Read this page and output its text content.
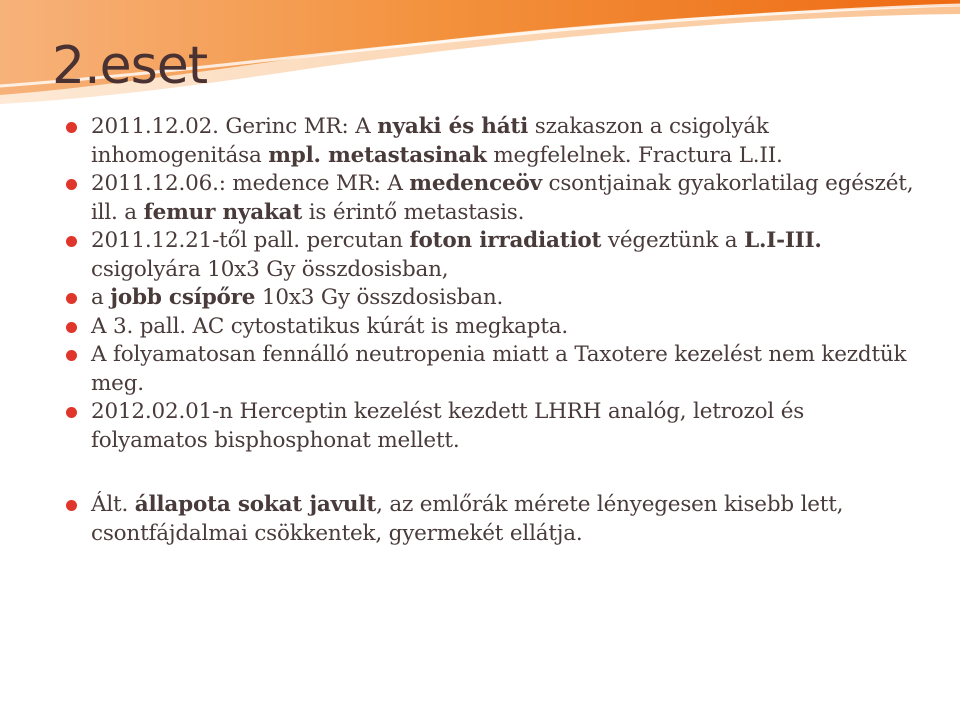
2.eset
2011.12.02. Gerinc MR: A nyaki és háti szakaszon a csigolyák inhomogenitása mpl. metastasinak megfelelnek. Fractura L.II.
2011.12.06.: medence MR: A medenceöv csontjainak gyakorlatilag egészét, ill. a femur nyakat is érintő metastasis.
2011.12.21-től pall. percutan foton irradiatiot végeztünk a L.I-III. csigolyára 10x3 Gy összdosisban,
a jobb csípőre 10x3 Gy összdosisban.
A 3. pall. AC cytostatikus kúrát is megkapta.
A folyamatosan fennálló neutropenia miatt a Taxotere kezelést nem kezdtük meg.
2012.02.01-n Herceptin kezelést kezdett LHRH analóg, letrozol és folyamatos bisphosphonat mellett.
Ált. állapota sokat javult, az emlőrák mérete lényegesen kisebb lett, csontfájdalmai csökkentek, gyermekét ellátja.
